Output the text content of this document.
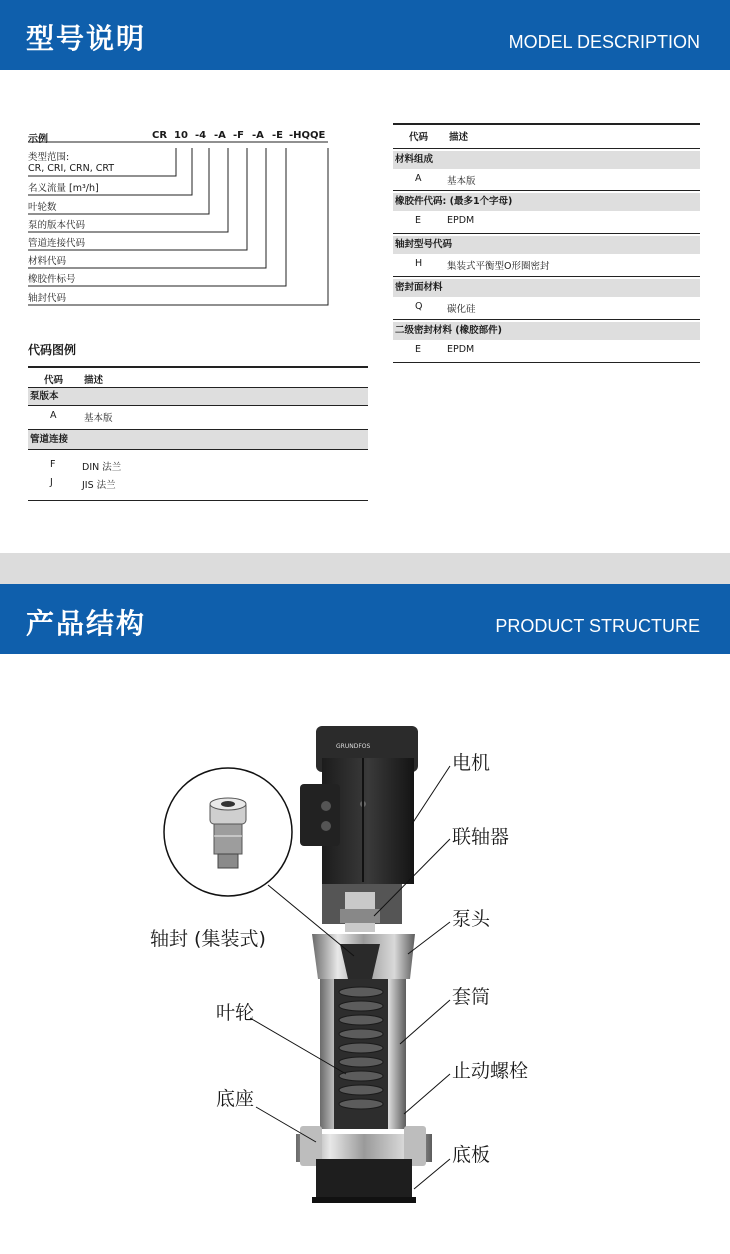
型号说明	MODEL DESCRIPTION
示例	CR 10 -4 -A -F -A -E -HQQE
类型范围:
CR, CRI, CRN, CRT
名义流量 [m³/h]
叶轮数
泵的版本代码
管道连接代码
材料代码
橡胶件标号
轴封代码
代码图例
代码 描述
泵版本
A	基本版
管道连接
F	DIN 法兰
J	JIS 法兰
代码 描述
材料组成
A	基本版
橡胶件代码: (最多1个字母)
E	EPDM
轴封型号代码
H	集装式平衡型O形圈密封
密封面材料
Q	碳化硅
二级密封材料 (橡胶部件)
E	EPDM
产品结构	PRODUCT STRUCTURE
GRUNDFOS
电机
联轴器
泵头
套筒
止动螺栓
底板
轴封 (集装式)
叶轮
底座
